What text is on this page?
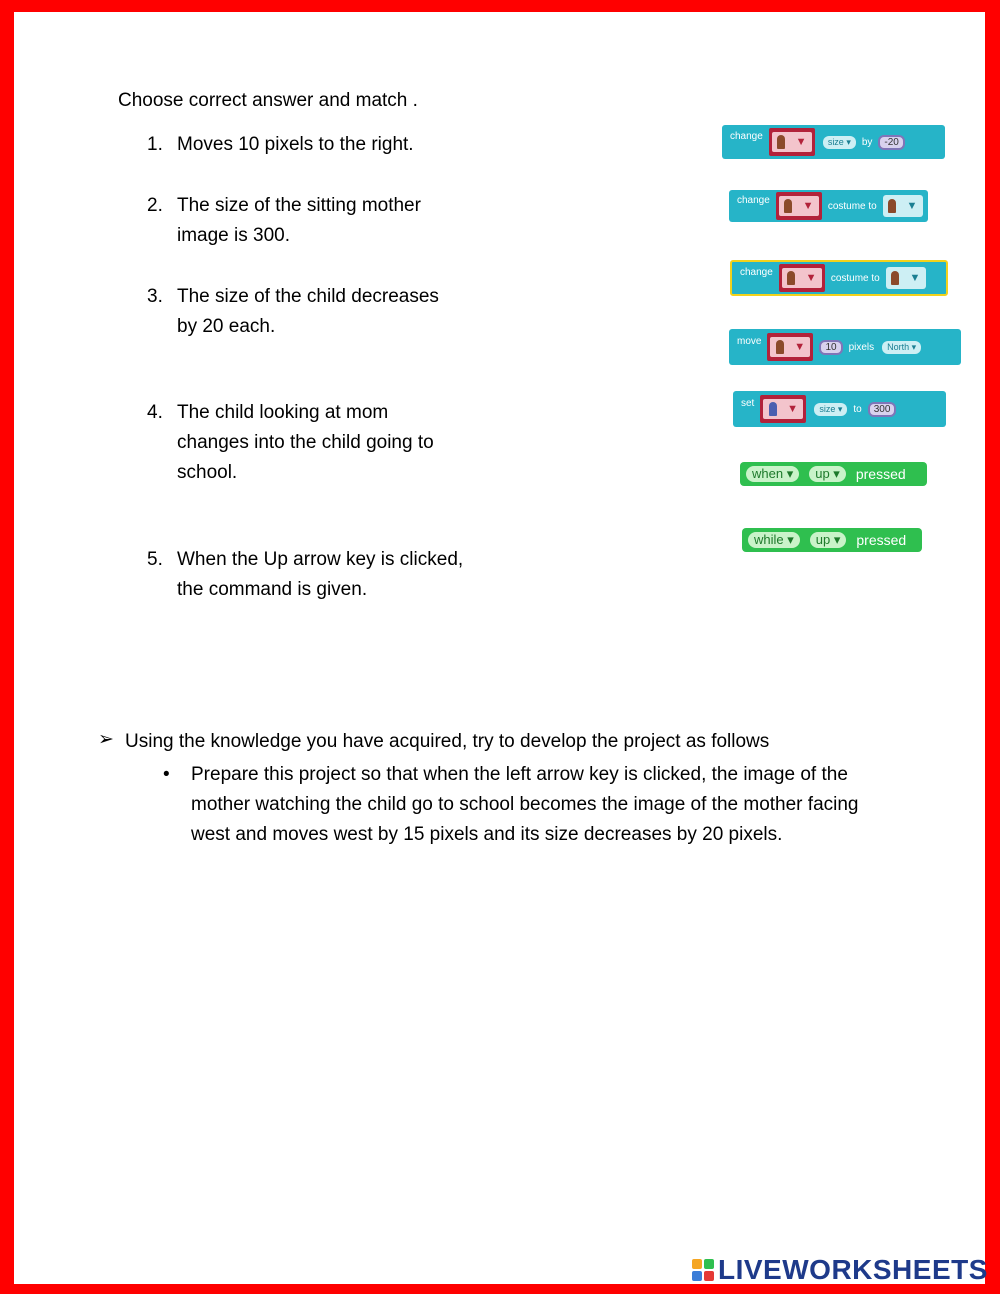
Choose correct answer and match .
1. Moves 10 pixels to the right.
2. The size of the sitting mother
image is 300.
3. The size of the child decreases
by 20 each.
4. The child looking at mom
changes into the child going to
school.
5. When the Up arrow key is clicked,
the command is given.
change	▼	size ▾	by	-20
change	▼ costume to	▼
change	▼ costume to	▼
move	▼	10	pixels	North ▾
set	▼	size ▾	to	300
when ▾	up ▾	pressed
while ▾	up ▾	pressed
➢ Using the knowledge you have acquired, try to develop the project as follows
• Prepare this project so that when the left arrow key is clicked, the image of the mother watching the child go to school becomes the image of the mother facing west and moves west by 15 pixels and its size decreases by 20 pixels.
LIVEWORKSHEETS
